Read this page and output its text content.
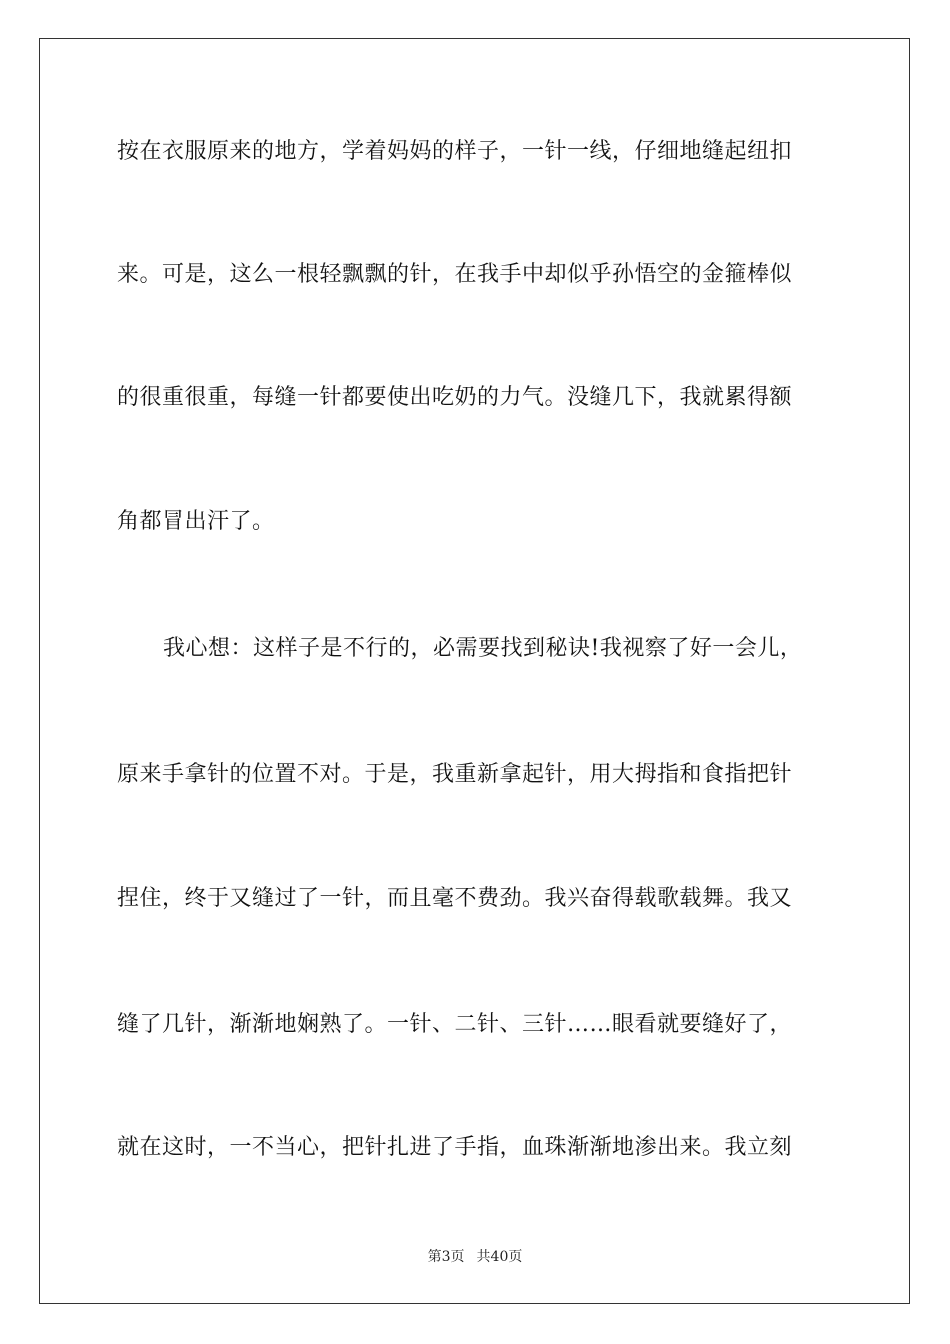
按在衣服原来的地方，学着妈妈的样子，一针一线，仔细地缝起纽扣
来。可是，这么一根轻飘飘的针，在我手中却似乎孙悟空的金箍棒似
的很重很重，每缝一针都要使出吃奶的力气。没缝几下，我就累得额
角都冒出汗了。
我心想：这样子是不行的，必需要找到秘诀!我视察了好一会儿，
原来手拿针的位置不对。于是，我重新拿起针，用大拇指和食指把针
捏住，终于又缝过了一针，而且毫不费劲。我兴奋得载歌载舞。我又
缝了几针，渐渐地娴熟了。一针、二针、三针……眼看就要缝好了，
就在这时，一不当心，把针扎进了手指，血珠渐渐地渗出来。我立刻
第3页 共40页
